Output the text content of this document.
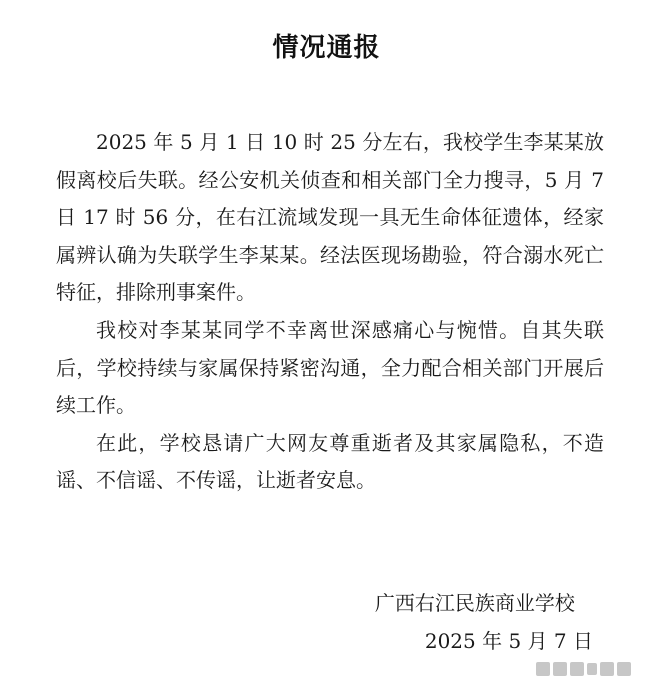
情况通报

2025 年 5 月 1 日 10 时 25 分左右，我校学生李某某放假离校后失联。经公安机关侦查和相关部门全力搜寻，5 月 7 日 17 时 56 分，在右江流域发现一具无生命体征遗体，经家属辨认确为失联学生李某某。经法医现场勘验，符合溺水死亡特征，排除刑事案件。

我校对李某某同学不幸离世深感痛心与惋惜。自其失联后，学校持续与家属保持紧密沟通，全力配合相关部门开展后续工作。

在此，学校恳请广大网友尊重逝者及其家属隐私，不造谣、不信谣、不传谣，让逝者安息。

广西右江民族商业学校
2025 年 5 月 7 日
